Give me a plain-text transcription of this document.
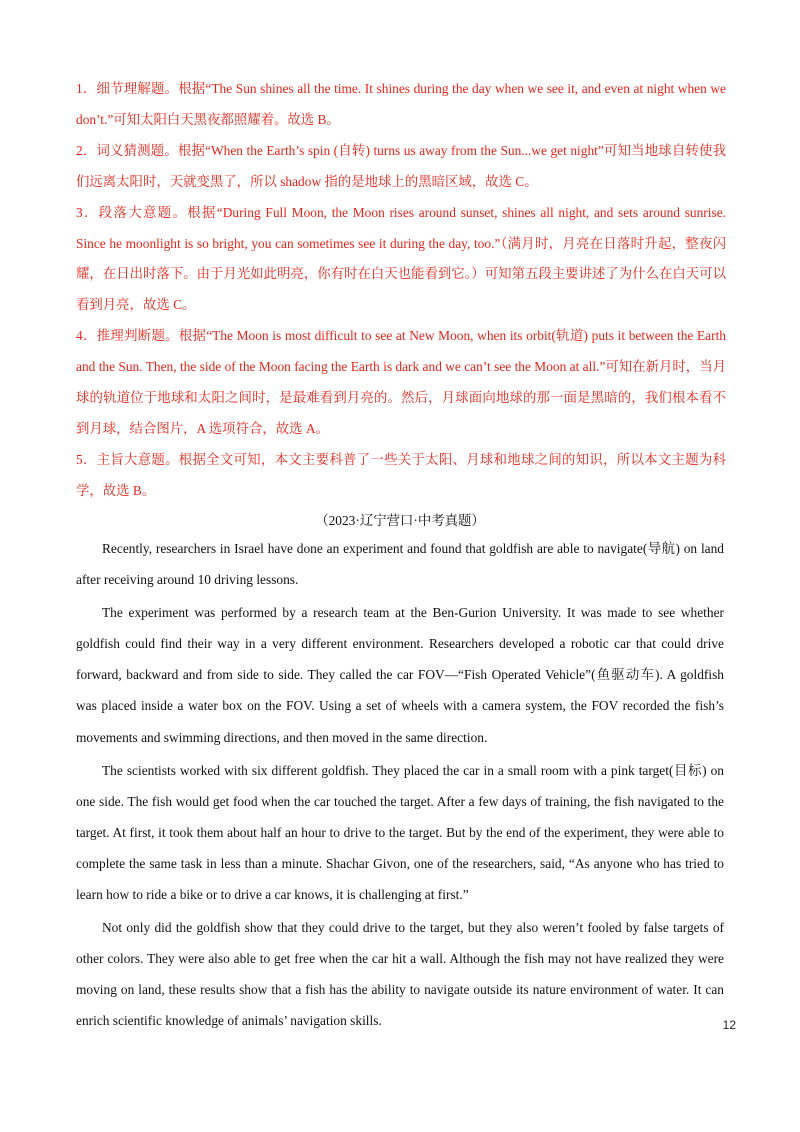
1．细节理解题。根据“The Sun shines all the time. It shines during the day when we see it, and even at night when we don’t.”可知太阳白天黑夜都照耀着。故选 B。

2．词义猜测题。根据“When the Earth’s spin (自转) turns us away from the Sun...we get night”可知当地球自转使我们远离太阳时，天就变黑了，所以 shadow 指的是地球上的黑暗区域，故选 C。

3．段落大意题。根据“During Full Moon, the Moon rises around sunset, shines all night, and sets around sunrise. Since he moonlight is so bright, you can sometimes see it during the day, too.”（满月时，月亮在日落时升起，整夜闪耀，在日出时落下。由于月光如此明亮，你有时在白天也能看到它。）可知第五段主要讲述了为什么在白天可以看到月亮，故选 C。

4．推理判断题。根据“The Moon is most difficult to see at New Moon, when its orbit(轨道) puts it between the Earth and the Sun. Then, the side of the Moon facing the Earth is dark and we can’t see the Moon at all.”可知在新月时，当月球的轨道位于地球和太阳之间时，是最难看到月亮的。然后，月球面向地球的那一面是黑暗的，我们根本看不到月球，结合图片，A 选项符合，故选 A。

5．主旨大意题。根据全文可知，本文主要科普了一些关于太阳、月球和地球之间的知识，所以本文主题为科学，故选 B。

（2023·辽宁营口·中考真题）

Recently, researchers in Israel have done an experiment and found that goldfish are able to navigate(导航) on land after receiving around 10 driving lessons.

The experiment was performed by a research team at the Ben-Gurion University. It was made to see whether goldfish could find their way in a very different environment. Researchers developed a robotic car that could drive forward, backward and from side to side. They called the car FOV—“Fish Operated Vehicle”(鱼驱动车). A goldfish was placed inside a water box on the FOV. Using a set of wheels with a camera system, the FOV recorded the fish’s movements and swimming directions, and then moved in the same direction.

The scientists worked with six different goldfish. They placed the car in a small room with a pink target(目标) on one side. The fish would get food when the car touched the target. After a few days of training, the fish navigated to the target. At first, it took them about half an hour to drive to the target. But by the end of the experiment, they were able to complete the same task in less than a minute. Shachar Givon, one of the researchers, said, “As anyone who has tried to learn how to ride a bike or to drive a car knows, it is challenging at first.”

Not only did the goldfish show that they could drive to the target, but they also weren’t fooled by false targets of other colors. They were also able to get free when the car hit a wall. Although the fish may not have realized they were moving on land, these results show that a fish has the ability to navigate outside its nature environment of water. It can enrich scientific knowledge of animals’ navigation skills.	12
